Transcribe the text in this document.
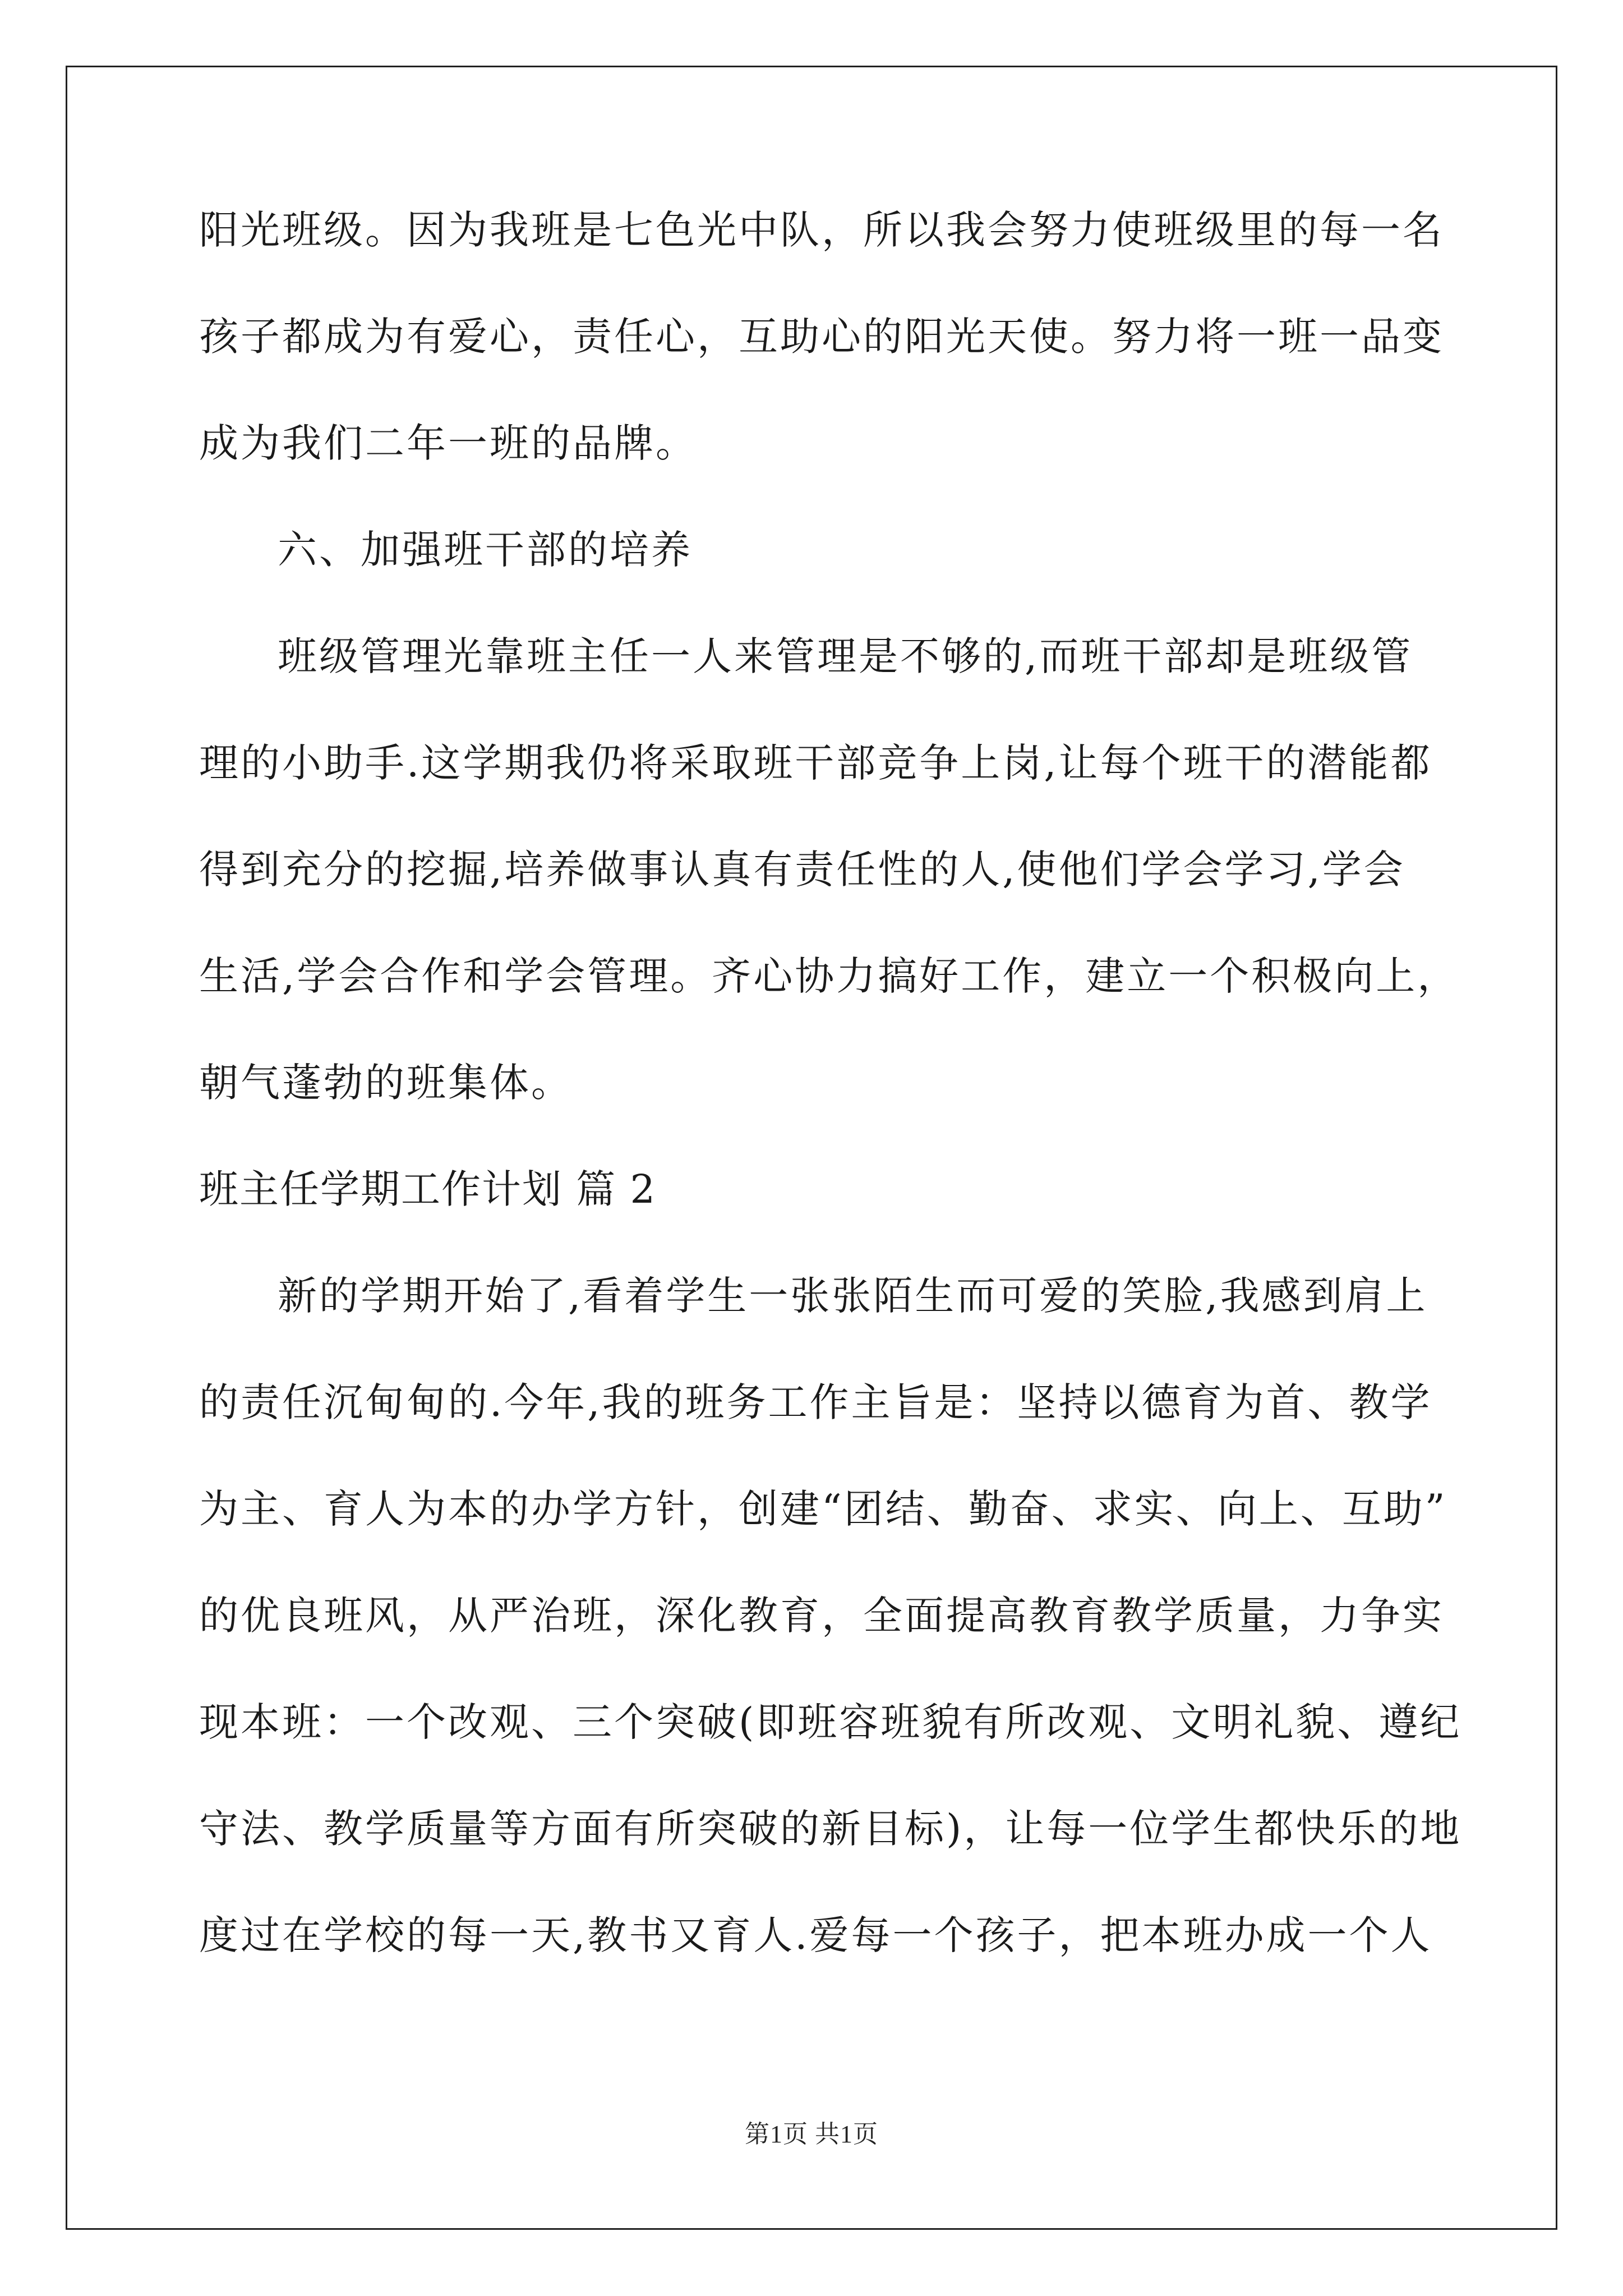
阳光班级。因为我班是七色光中队，所以我会努力使班级里的每一名
孩子都成为有爱心，责任心，互助心的阳光天使。努力将一班一品变
成为我们二年一班的品牌。
六、加强班干部的培养
班级管理光靠班主任一人来管理是不够的,而班干部却是班级管
理的小助手.这学期我仍将采取班干部竞争上岗,让每个班干的潜能都
得到充分的挖掘,培养做事认真有责任性的人,使他们学会学习,学会
生活,学会合作和学会管理。齐心协力搞好工作，建立一个积极向上，
朝气蓬勃的班集体。
班主任学期工作计划 篇 2
新的学期开始了,看着学生一张张陌生而可爱的笑脸,我感到肩上
的责任沉甸甸的.今年,我的班务工作主旨是：坚持以德育为首、教学
为主、育人为本的办学方针，创建“团结、勤奋、求实、向上、互助”
的优良班风，从严治班，深化教育，全面提高教育教学质量，力争实
现本班：一个改观、三个突破(即班容班貌有所改观、文明礼貌、遵纪
守法、教学质量等方面有所突破的新目标)，让每一位学生都快乐的地
度过在学校的每一天,教书又育人.爱每一个孩子，把本班办成一个人
第1页 共1页
